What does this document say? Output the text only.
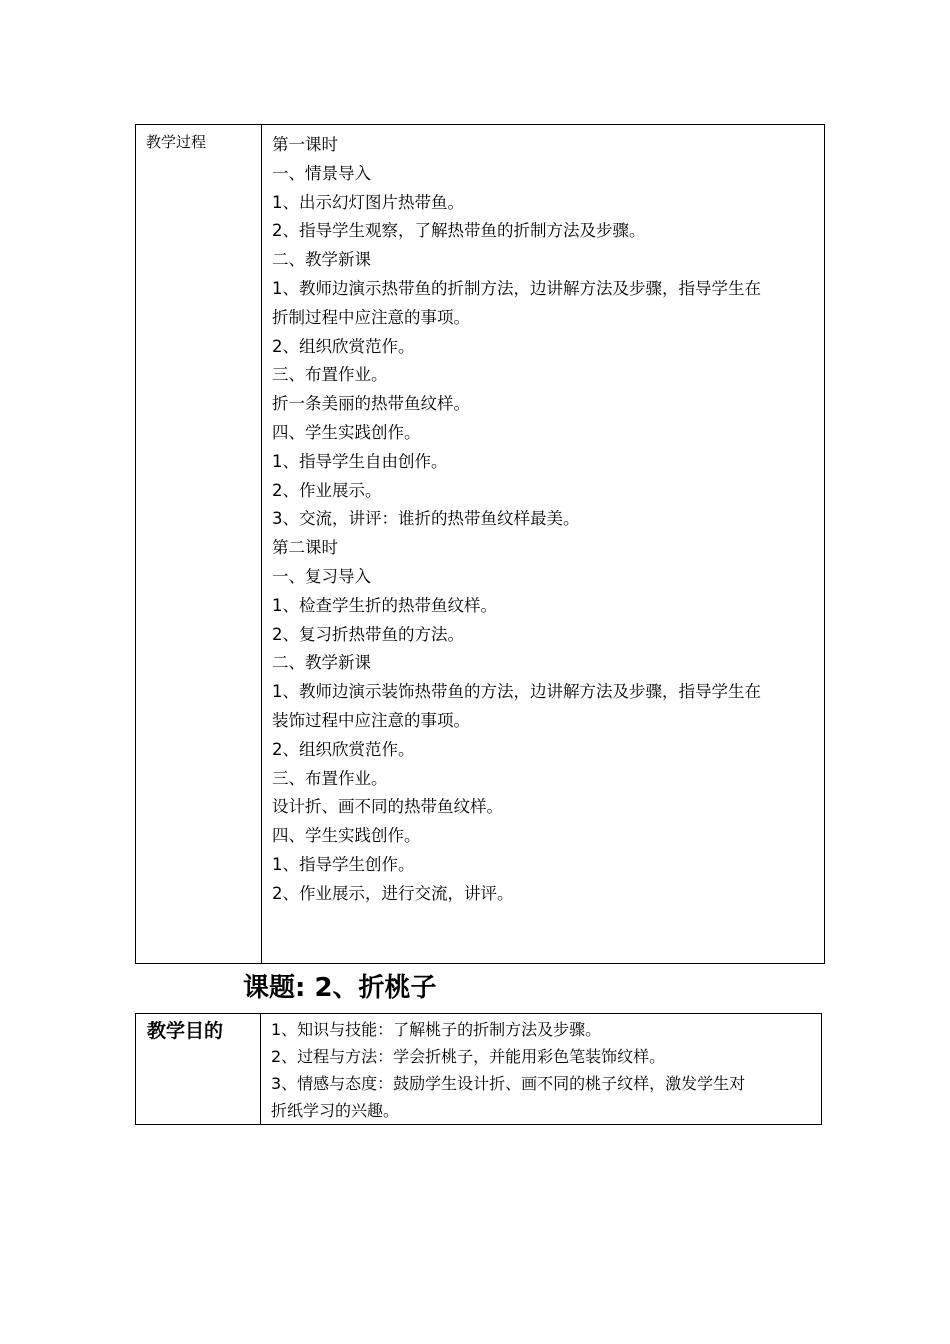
教学过程	第一课时
一、情景导入
1、出示幻灯图片热带鱼。
2、指导学生观察，了解热带鱼的折制方法及步骤。
二、教学新课
1、教师边演示热带鱼的折制方法，边讲解方法及步骤，指导学生在
折制过程中应注意的事项。
2、组织欣赏范作。
三、布置作业。
折一条美丽的热带鱼纹样。
四、学生实践创作。
1、指导学生自由创作。
2、作业展示。
3、交流，讲评：谁折的热带鱼纹样最美。
第二课时
一、复习导入
1、检查学生折的热带鱼纹样。
2、复习折热带鱼的方法。
二、教学新课
1、教师边演示装饰热带鱼的方法，边讲解方法及步骤，指导学生在
装饰过程中应注意的事项。
2、组织欣赏范作。
三、布置作业。
设计折、画不同的热带鱼纹样。
四、学生实践创作。
1、指导学生创作。
2、作业展示，进行交流，讲评。
课题: 2、折桃子
教学目的	1、知识与技能：了解桃子的折制方法及步骤。
2、过程与方法：学会折桃子，并能用彩色笔装饰纹样。
3、情感与态度：鼓励学生设计折、画不同的桃子纹样，激发学生对
折纸学习的兴趣。
